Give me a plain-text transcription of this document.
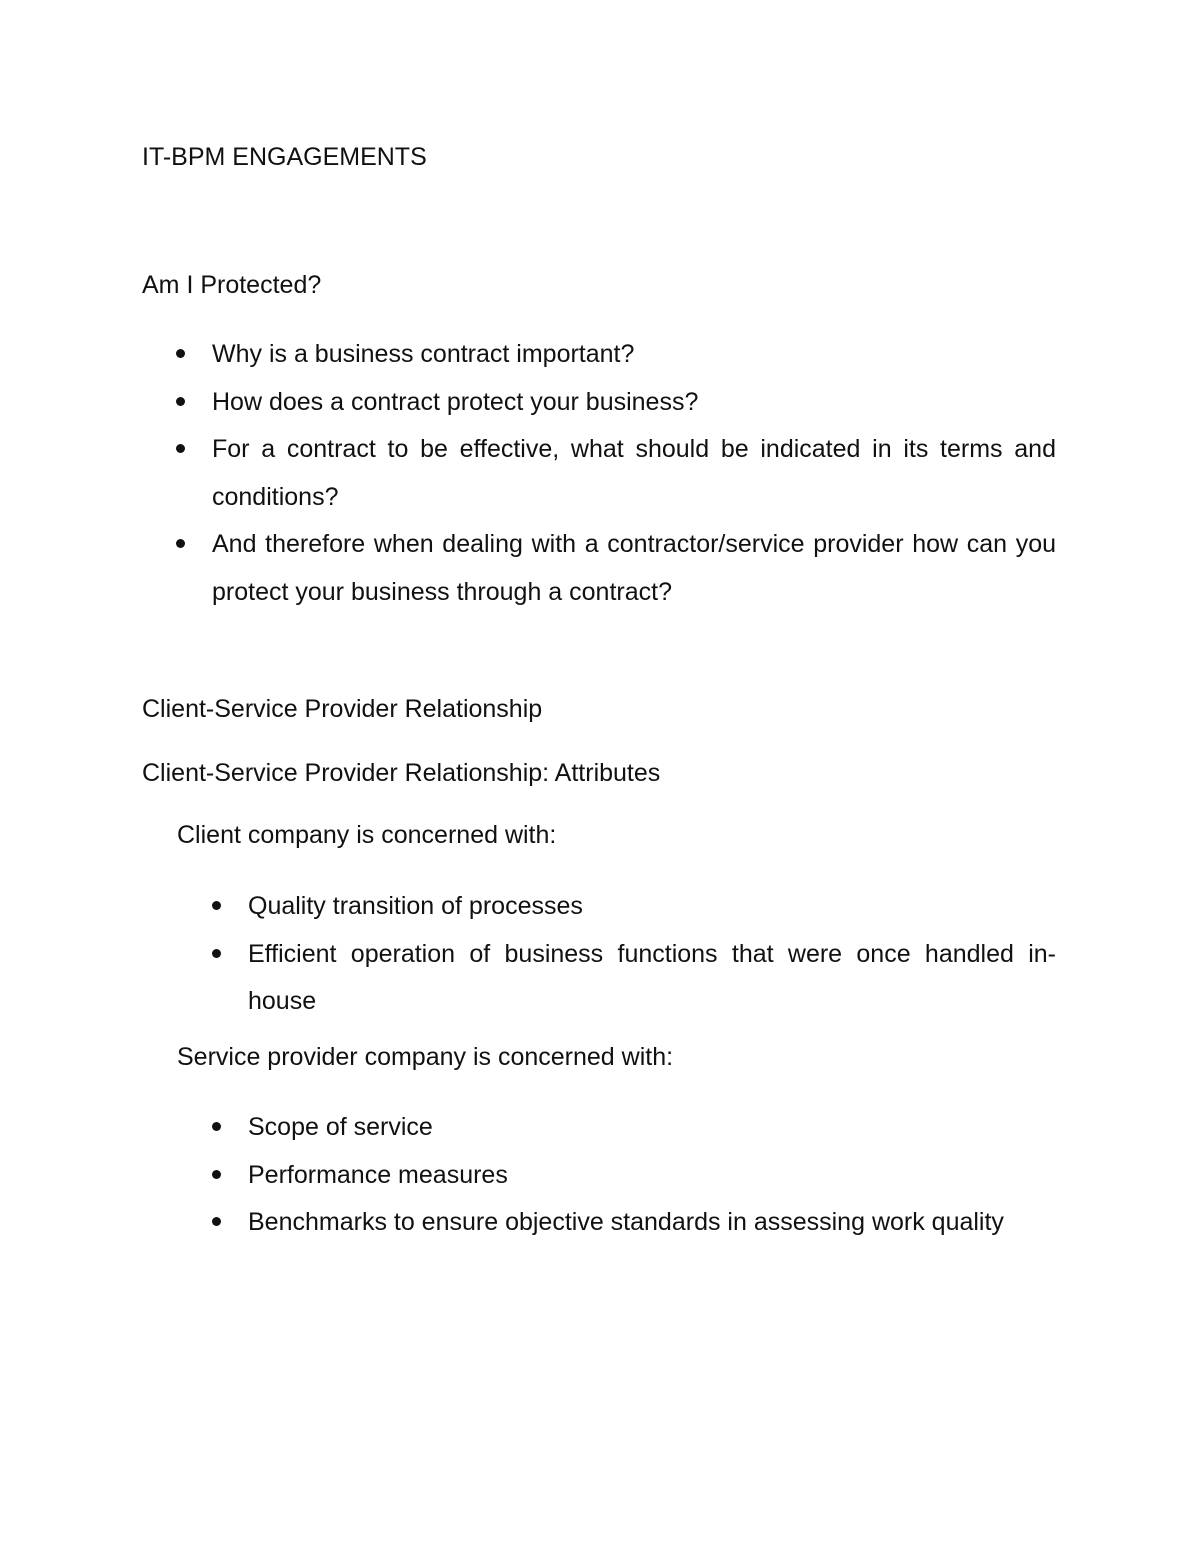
IT-BPM ENGAGEMENTS
Am I Protected?
Why is a business contract important?
How does a contract protect your business?
For a contract to be effective, what should be indicated in its terms and conditions?
And therefore when dealing with a contractor/service provider how can you protect your business through a contract?
Client-Service Provider Relationship
Client-Service Provider Relationship: Attributes
Client company is concerned with:
Quality transition of processes
Efficient operation of business functions that were once handled in-house
Service provider company is concerned with:
Scope of service
Performance measures
Benchmarks to ensure objective standards in assessing work quality
